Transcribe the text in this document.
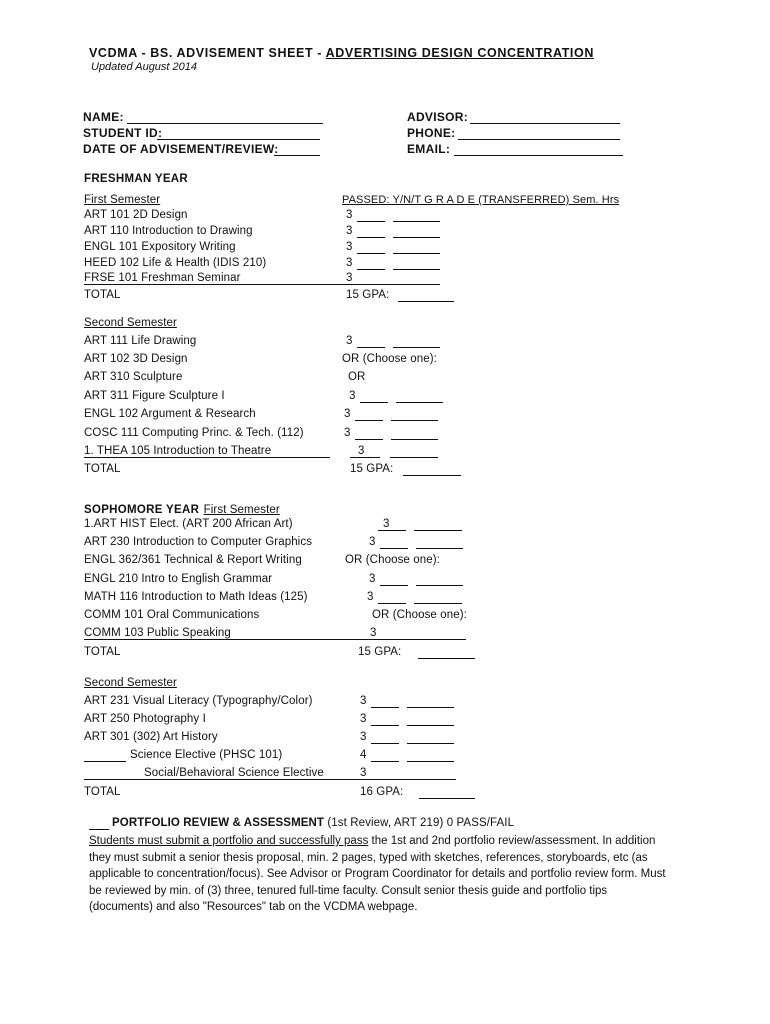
VCDMA - BS. ADVISEMENT SHEET - ADVERTISING DESIGN CONCENTRATION
Updated August 2014
NAME:
STUDENT ID:
DATE OF ADVISEMENT/REVIEW:
ADVISOR:
PHONE:
EMAIL:
FRESHMAN YEAR
First Semester	PASSED: Y/N/T G R A D E (TRANSFERRED) Sem. Hrs
ART 101 2D Design	3
ART 110 Introduction to Drawing	3
ENGL 101 Expository Writing	3
HEED 102 Life & Health (IDIS 210)	3
FRSE 101 Freshman Seminar	3
TOTAL	15 GPA:
Second Semester
ART 111 Life Drawing	3
ART 102 3D Design	OR (Choose one):
ART 310 Sculpture	OR
ART 311 Figure Sculpture I	3
ENGL 102 Argument & Research	3
COSC 111 Computing Princ. & Tech. (112)	3
1. THEA 105 Introduction to Theatre	3
TOTAL	15 GPA:
SOPHOMORE YEAR First Semester
1.ART HIST Elect. (ART 200 African Art)	3
ART 230 Introduction to Computer Graphics	3
ENGL 362/361 Technical & Report Writing	OR (Choose one):
ENGL 210 Intro to English Grammar	3
MATH 116 Introduction to Math Ideas (125)	3
COMM 101 Oral Communications	OR (Choose one):
COMM 103 Public Speaking	3
TOTAL	15 GPA:
Second Semester
ART 231 Visual Literacy (Typography/Color)	3
ART 250 Photography I	3
ART 301 (302) Art History	3
Science Elective (PHSC 101)	4
Social/Behavioral Science Elective	3
TOTAL	16 GPA:
PORTFOLIO REVIEW & ASSESSMENT (1st Review, ART 219) 0 PASS/FAIL
Students must submit a portfolio and successfully pass the 1st and 2nd portfolio review/assessment. In addition they must submit a senior thesis proposal, min. 2 pages, typed with sketches, references, storyboards, etc (as applicable to concentration/focus). See Advisor or Program Coordinator for details and portfolio review form. Must be reviewed by min. of (3) three, tenured full-time faculty. Consult senior thesis guide and portfolio tips (documents) and also "Resources" tab on the VCDMA webpage.
